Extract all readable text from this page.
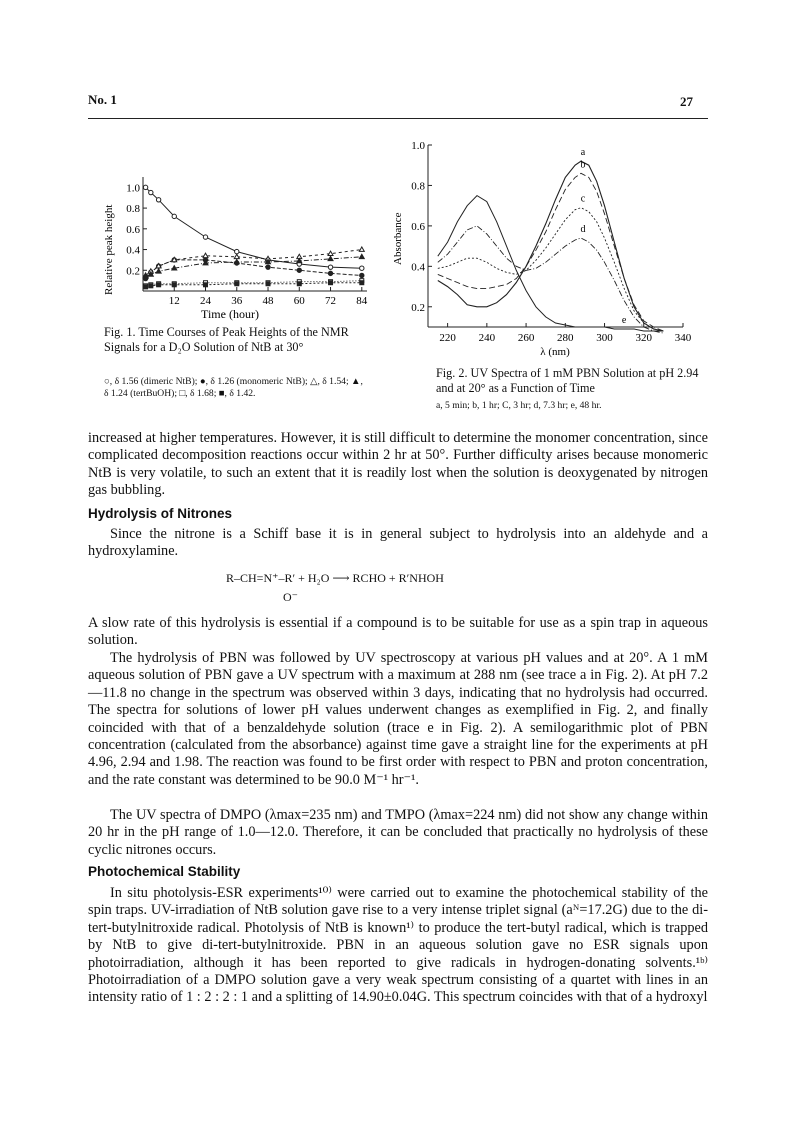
No. 1	27
Relative peak height
Time (hour)
12 24 36 48 60 72 84
1.0
0.8
0.6
0.4
0.2
Fig. 1. Time Courses of Peak Heights of the NMR Signals for a D₂O Solution of NtB at 30°
○, δ 1.56 (dimeric NtB); ●, δ 1.26 (monomeric NtB); △, δ 1.54; ▲, δ 1.24 (tertBuOH); □, δ 1.68; ■, δ 1.42.
Absorbance
λ (nm)
220 240 260 280 300 320 340
0.2
0.4
0.6
0.8
1.0
a
b
c
d
e
Fig. 2. UV Spectra of 1 mM PBN Solution at pH 2.94 and at 20° as a Function of Time
a, 5 min; b, 1 hr; C, 3 hr; d, 7.3 hr; e, 48 hr.
increased at higher temperatures. However, it is still difficult to determine the monomer concentration, since complicated decomposition reactions occur within 2 hr at 50°. Further difficulty arises because monomeric NtB is very volatile, to such an extent that it is readily lost when the solution is deoxygenated by nitrogen gas bubbling.
Hydrolysis of Nitrones
Since the nitrone is a Schiff base it is in general subject to hydrolysis into an aldehyde and a hydroxylamine.
R–CH=N⁺–R′ + H₂O ⟶ RCHO + R′NHOH
O⁻
A slow rate of this hydrolysis is essential if a compound is to be suitable for use as a spin trap in aqueous solution.
The hydrolysis of PBN was followed by UV spectroscopy at various pH values and at 20°. A 1 mM aqueous solution of PBN gave a UV spectrum with a maximum at 288 nm (see trace a in Fig. 2). At pH 7.2—11.8 no change in the spectrum was observed within 3 days, indicating that no hydrolysis had occurred. The spectra for solutions of lower pH values underwent changes as exemplified in Fig. 2, and finally coincided with that of a benzaldehyde solution (trace e in Fig. 2). A semilogarithmic plot of PBN concentration (calculated from the absorbance) against time gave a straight line for the experiments at pH 4.96, 2.94 and 1.98. The reaction was found to be first order with respect to PBN and proton concentration, and the rate constant was determined to be 90.0 M⁻¹ hr⁻¹.
The UV spectra of DMPO (λmax=235 nm) and TMPO (λmax=224 nm) did not show any change within 20 hr in the pH range of 1.0—12.0. Therefore, it can be concluded that practically no hydrolysis of these cyclic nitrones occurs.
Photochemical Stability
In situ photolysis-ESR experiments¹⁰⁾ were carried out to examine the photochemical stability of the spin traps. UV-irradiation of NtB solution gave rise to a very intense triplet signal (aᴺ=17.2G) due to the di-tert-butylnitroxide radical. Photolysis of NtB is known¹⁾ to produce the tert-butyl radical, which is trapped by NtB to give di-tert-butylnitroxide. PBN in an aqueous solution gave no ESR signals upon photoirradiation, although it has been reported to give radicals in hydrogen-donating solvents.¹ᵇ⁾ Photoirradiation of a DMPO solution gave a very weak spectrum consisting of a quartet with lines in an intensity ratio of 1 : 2 : 2 : 1 and a splitting of 14.90±0.04G. This spectrum coincides with that of a hydroxyl
